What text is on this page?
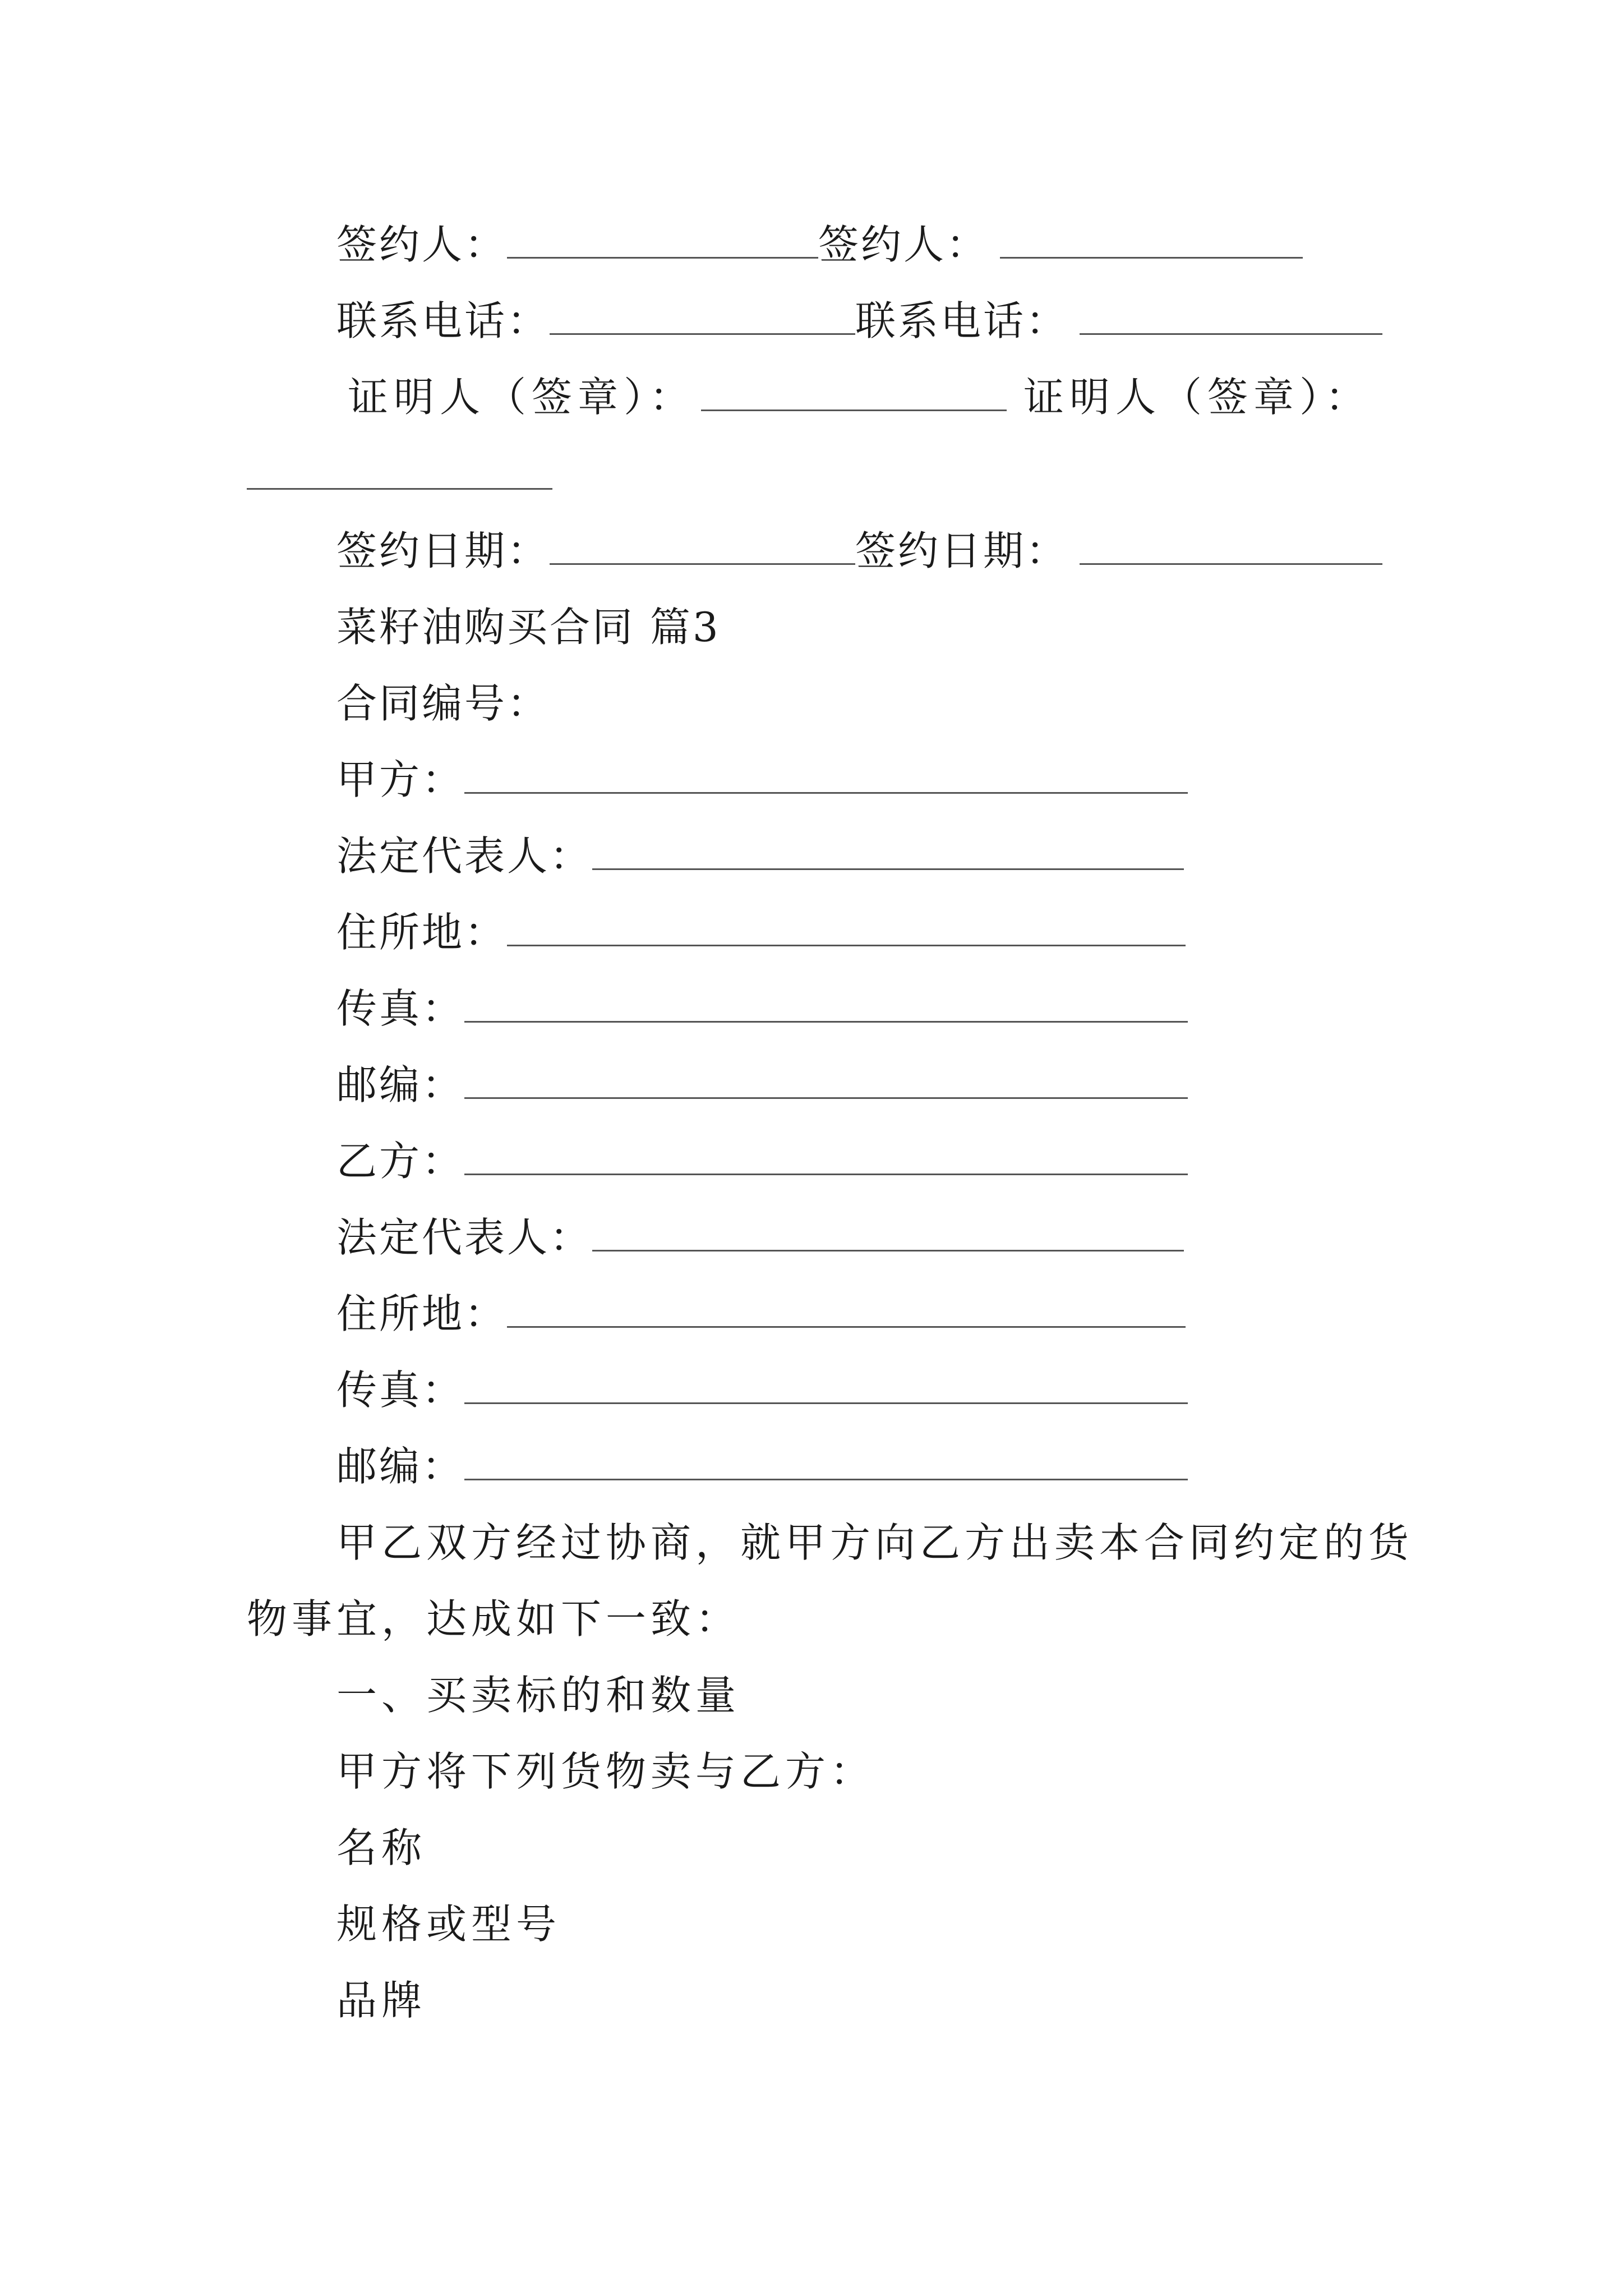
签约人：	签约人：
联系电话：	联系电话：
证明人（签章）：	证明人（签章）：
签约日期：	签约日期：
菜籽油购买合同 篇3
合同编号：
甲方：
法定代表人：
住所地：
传真：
邮编：
乙方：
法定代表人：
住所地：
传真：
邮编：
甲乙双方经过协商，就甲方向乙方出卖本合同约定的货
物事宜，达成如下一致：
一、买卖标的和数量
甲方将下列货物卖与乙方：
名称
规格或型号
品牌
